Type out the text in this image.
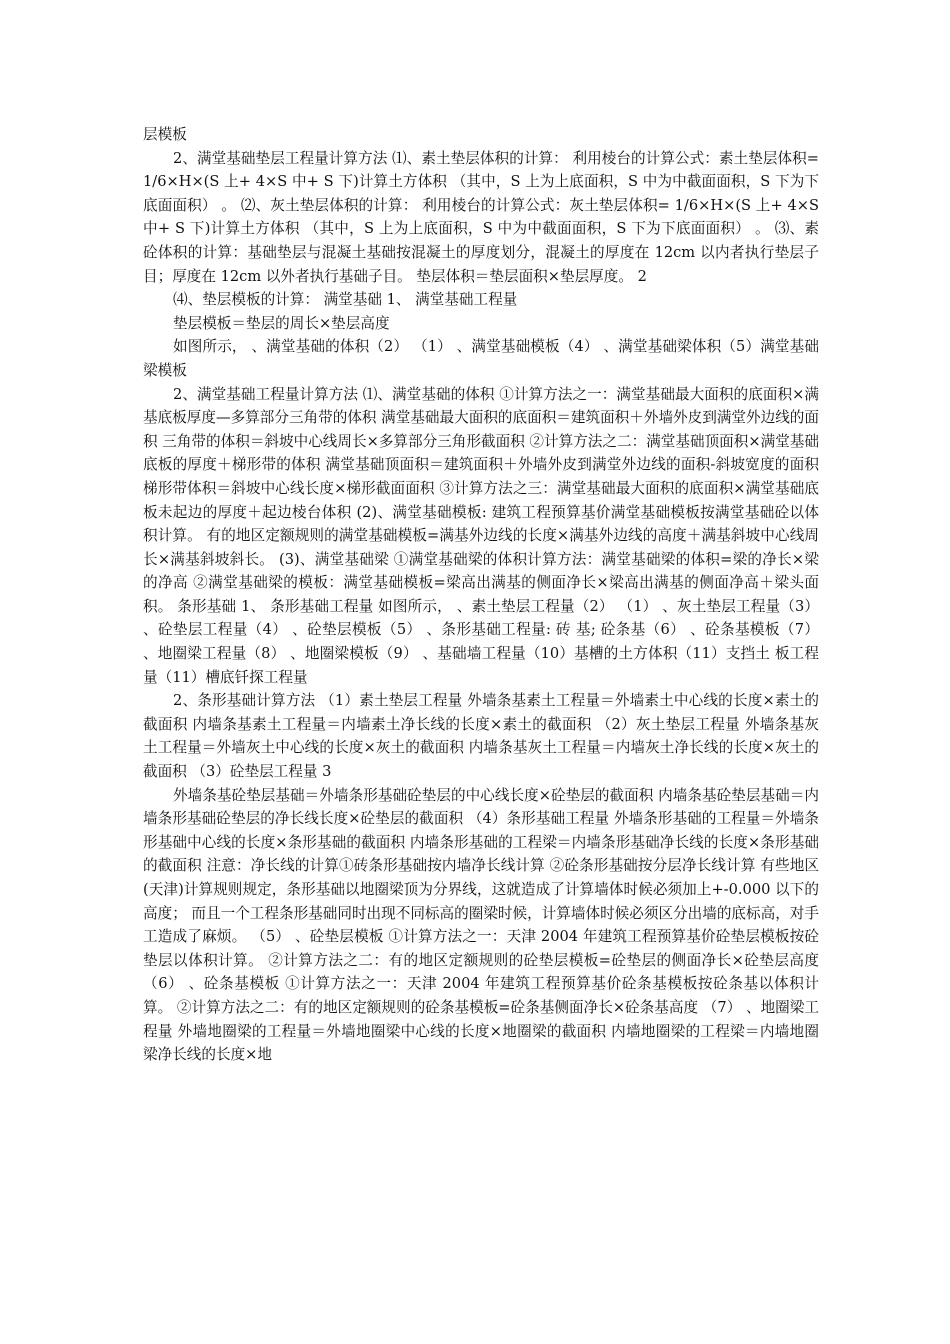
层模板

2、满堂基础垫层工程量计算方法 ⑴、素土垫层体积的计算： 利用棱台的计算公式：素土垫层体积=1/6×H×(S 上+ 4×S 中+ S 下)计算土方体积 （其中，S 上为上底面积，S 中为中截面面积，S 下为下底面面积） 。 ⑵、灰土垫层体积的计算： 利用棱台的计算公式：灰土垫层体积= 1/6×H×(S 上+ 4×S 中+ S 下)计算土方体积 （其中，S 上为上底面积，S 中为中截面面积，S 下为下底面面积） 。 ⑶、素砼体积的计算：基础垫层与混凝土基础按混凝土的厚度划分，混凝土的厚度在 12cm 以内者执行垫层子目；厚度在 12cm 以外者执行基础子目。 垫层体积＝垫层面积×垫层厚度。 2

⑷、垫层模板的计算： 满堂基础 1、 满堂基础工程量

垫层模板＝垫层的周长×垫层高度

如图所示， 、满堂基础的体积（2） （1） 、满堂基础模板（4） 、满堂基础梁体积（5）满堂基础梁模板

2、满堂基础工程量计算方法 ⑴、满堂基础的体积 ①计算方法之一：满堂基础最大面积的底面积×满基底板厚度—多算部分三角带的体积 满堂基础最大面积的底面积＝建筑面积＋外墙外皮到满堂外边线的面积 三角带的体积＝斜坡中心线周长×多算部分三角形截面积 ②计算方法之二：满堂基础顶面积×满堂基础底板的厚度＋梯形带的体积 满堂基础顶面积＝建筑面积＋外墙外皮到满堂外边线的面积-斜坡宽度的面积 梯形带体积＝斜坡中心线长度×梯形截面面积 ③计算方法之三：满堂基础最大面积的底面积×满堂基础底板未起边的厚度＋起边棱台体积 (2)、满堂基础模板: 建筑工程预算基价满堂基础模板按满堂基础砼以体积计算。 有的地区定额规则的满堂基础模板=满基外边线的长度×满基外边线的高度＋满基斜坡中心线周长×满基斜坡斜长。 (3)、满堂基础梁 ①满堂基础梁的体积计算方法：满堂基础梁的体积=梁的净长×梁的净高 ②满堂基础梁的模板：满堂基础模板=梁高出满基的侧面净长×梁高出满基的侧面净高＋梁头面积。 条形基础 1、 条形基础工程量 如图所示， 、素土垫层工程量（2） （1） 、灰土垫层工程量（3） 、砼垫层工程量（4） 、砼垫层模板（5） 、条形基础工程量: 砖 基; 砼条基（6） 、砼条基模板（7） 、地圈梁工程量（8） 、地圈梁模板（9） 、基础墙工程量（10）基槽的土方体积（11）支挡土 板工程量（11）槽底钎探工程量

2、条形基础计算方法 （1）素土垫层工程量 外墙条基素土工程量＝外墙素土中心线的长度×素土的截面积 内墙条基素土工程量＝内墙素土净长线的长度×素土的截面积 （2）灰土垫层工程量 外墙条基灰土工程量＝外墙灰土中心线的长度×灰土的截面积 内墙条基灰土工程量＝内墙灰土净长线的长度×灰土的截面积 （3）砼垫层工程量 3

外墙条基砼垫层基础＝外墙条形基础砼垫层的中心线长度×砼垫层的截面积 内墙条基砼垫层基础＝内墙条形基础砼垫层的净长线长度×砼垫层的截面积 （4）条形基础工程量 外墙条形基础的工程量＝外墙条形基础中心线的长度×条形基础的截面积 内墙条形基础的工程梁＝内墙条形基础净长线的长度×条形基础的截面积 注意：净长线的计算①砖条形基础按内墙净长线计算 ②砼条形基础按分层净长线计算 有些地区(天津)计算规则规定，条形基础以地圈梁顶为分界线，这就造成了计算墙体时候必须加上+-0.000 以下的高度； 而且一个工程条形基础同时出现不同标高的圈梁时候，计算墙体时候必须区分出墙的底标高，对手工造成了麻烦。 （5） 、砼垫层模板 ①计算方法之一：天津 2004 年建筑工程预算基价砼垫层模板按砼垫层以体积计算。 ②计算方法之二：有的地区定额规则的砼垫层模板=砼垫层的侧面净长×砼垫层高度 （6） 、砼条基模板 ①计算方法之一：天津 2004 年建筑工程预算基价砼条基模板按砼条基以体积计算。 ②计算方法之二：有的地区定额规则的砼条基模板=砼条基侧面净长×砼条基高度 （7） 、地圈梁工程量 外墙地圈梁的工程量＝外墙地圈梁中心线的长度×地圈梁的截面积 内墙地圈梁的工程梁＝内墙地圈梁净长线的长度×地
